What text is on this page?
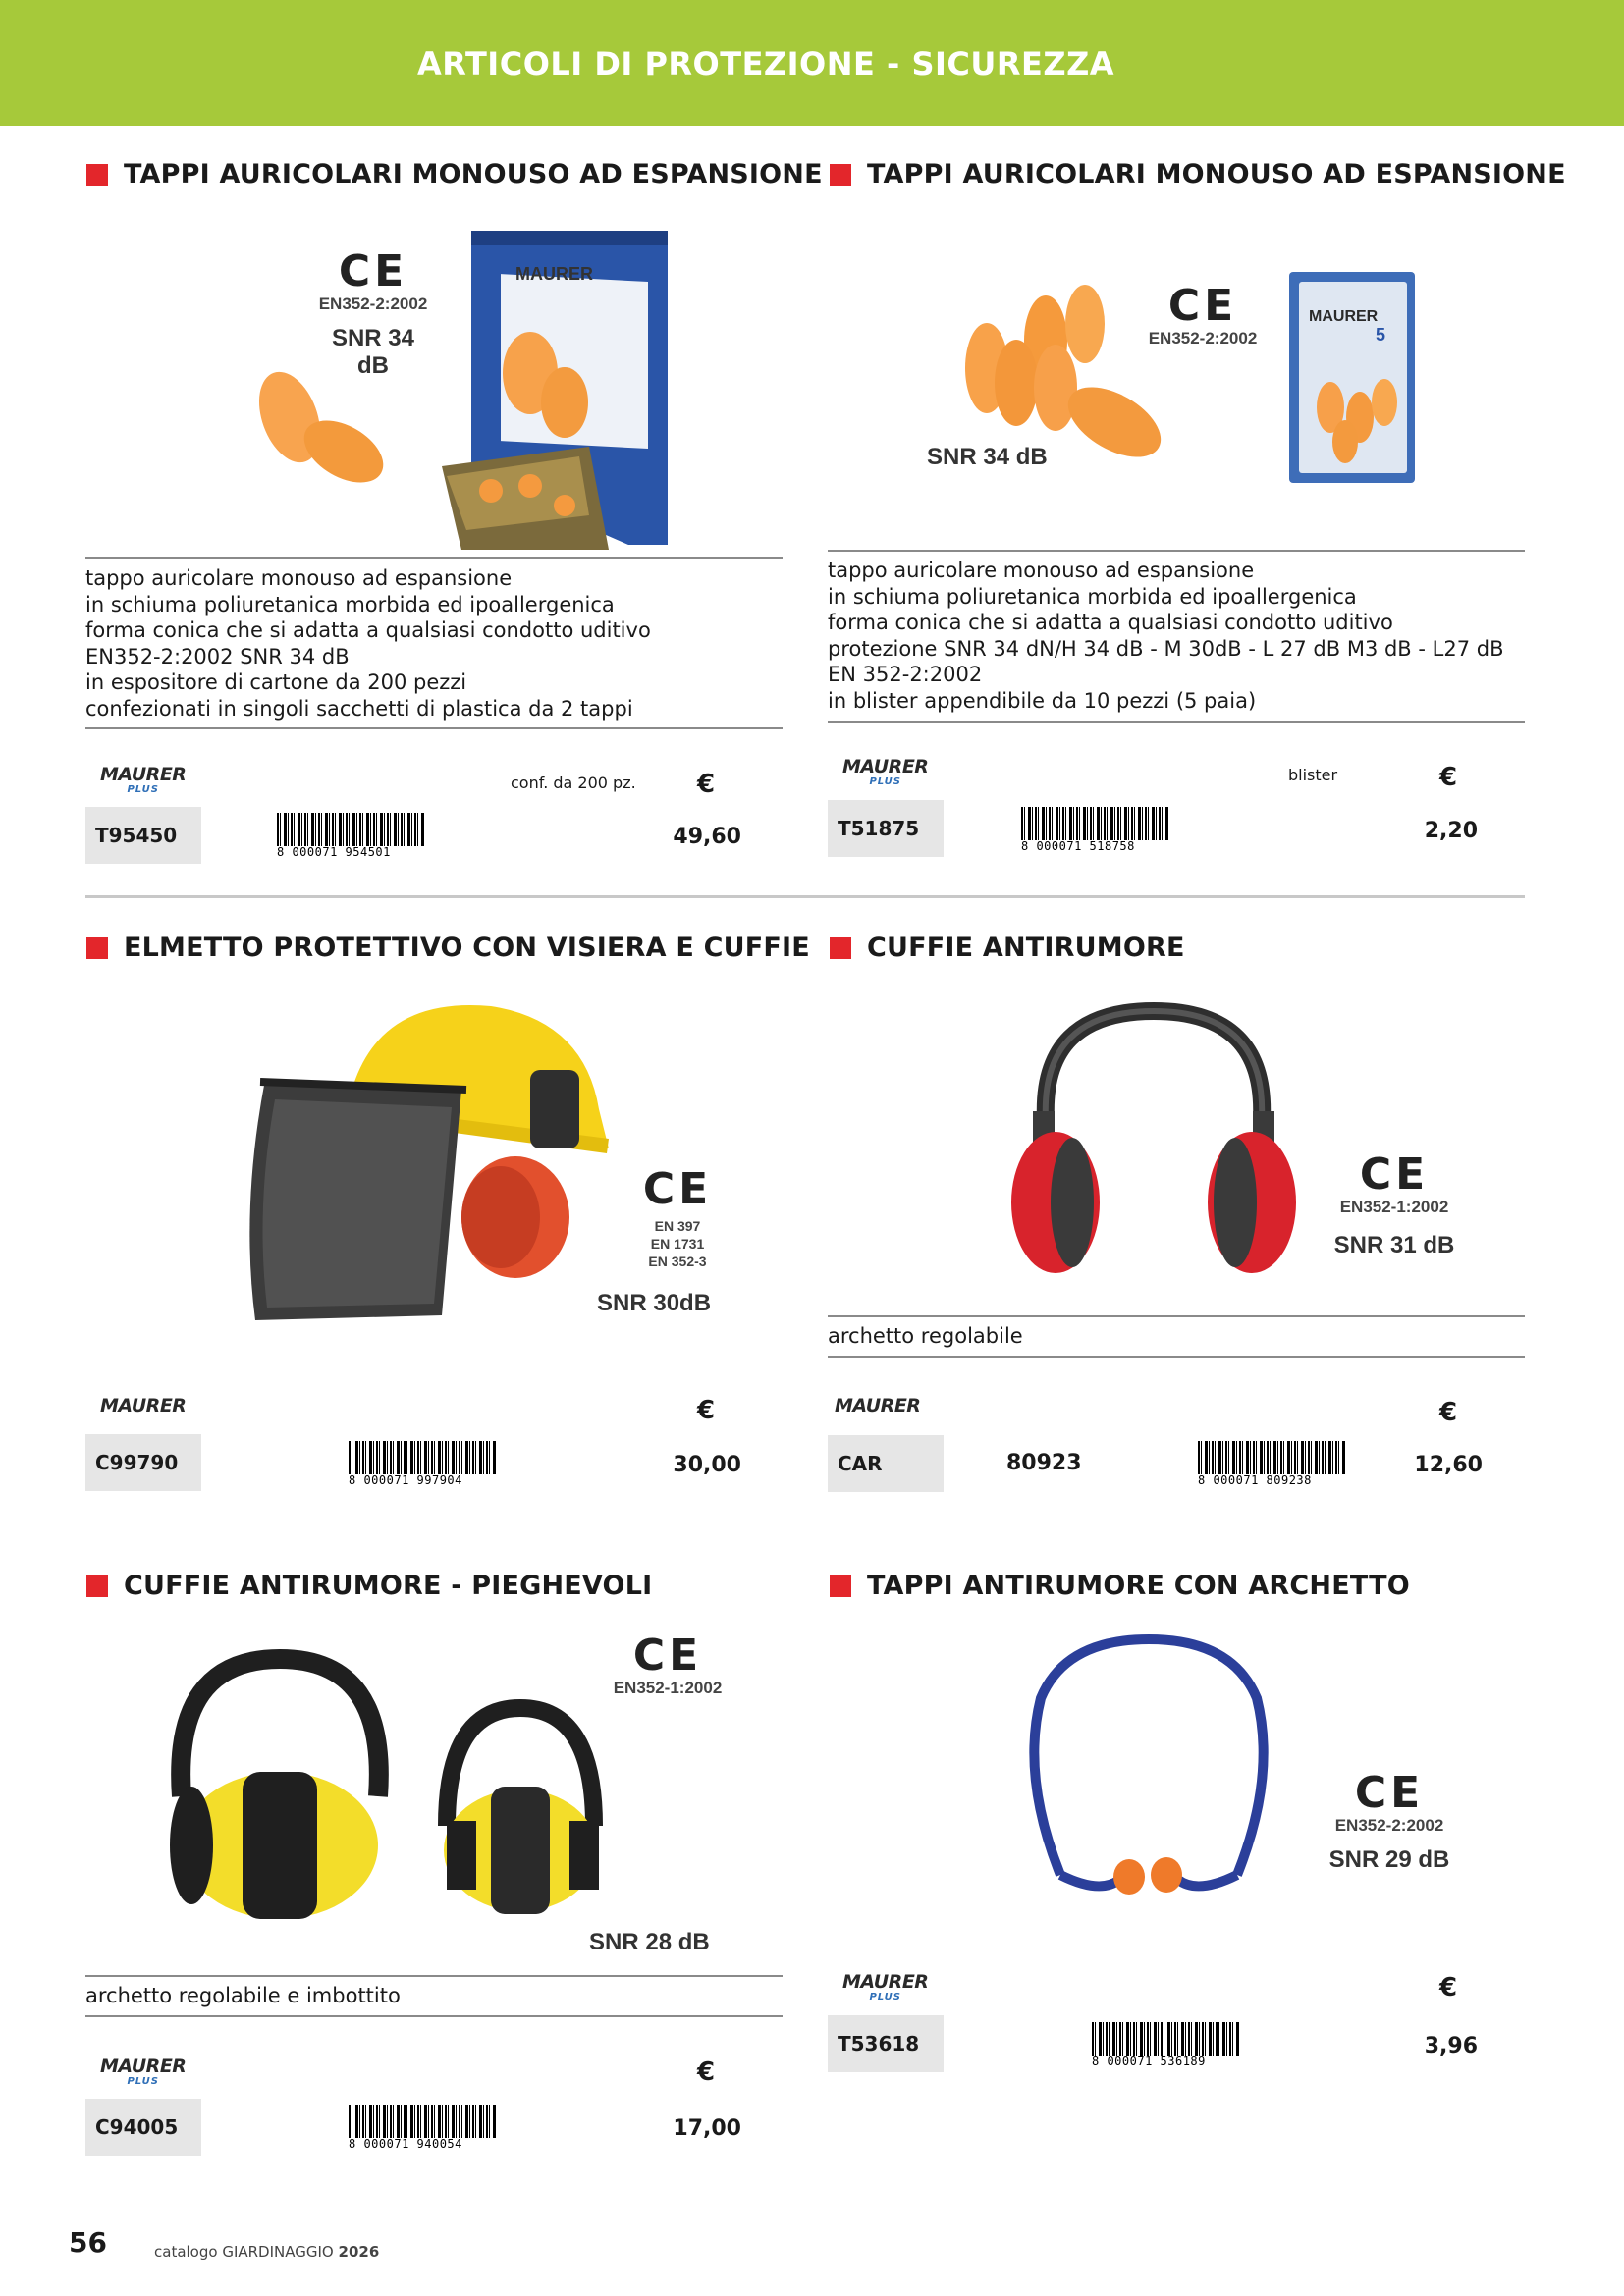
ARTICOLI DI PROTEZIONE - SICUREZZA
TAPPI AURICOLARI MONOUSO AD ESPANSIONE
MAURER
CE
EN352-2:2002
SNR 34 dB
tappo auricolare monouso ad espansione
in schiuma poliuretanica morbida ed ipoallergenica
forma conica che si adatta a qualsiasi condotto uditivo
EN352-2:2002 SNR 34 dB
in espositore di cartone da 200 pezzi
confezionati in singoli sacchetti di plastica da 2 tappi
MAURER
PLUS	conf. da 200 pz. €
T95450
8 000071 954501
49,60
TAPPI AURICOLARI MONOUSO AD ESPANSIONE
MAURER
5
CE
EN352-2:2002
SNR 34 dB
tappo auricolare monouso ad espansione
in schiuma poliuretanica morbida ed ipoallergenica
forma conica che si adatta a qualsiasi condotto uditivo
protezione SNR 34 dN/H 34 dB - M 30dB - L 27 dB M3 dB - L27 dB
EN 352-2:2002
in blister appendibile da 10 pezzi (5 paia)
MAURER
PLUS	blister	€
T51875
8 000071 518758
2,20
ELMETTO PROTETTIVO CON VISIERA E CUFFIE
CE
EN 397
EN 1731
EN 352-3
SNR 30dB
MAURER	€
C99790
8 000071 997904
30,00
CUFFIE ANTIRUMORE
CE
EN352-1:2002
SNR 31 dB
archetto regolabile
MAURER	€
CAR	80923
8 000071 809238
12,60
CUFFIE ANTIRUMORE - PIEGHEVOLI
CE
EN352-1:2002
SNR 28 dB
archetto regolabile e imbottito
MAURER
PLUS	€
C94005
8 000071 940054
17,00
TAPPI ANTIRUMORE CON ARCHETTO
CE
EN352-2:2002
SNR 29 dB
MAURER
PLUS	€
T53618
8 000071 536189
3,96
56	catalogo GIARDINAGGIO 2026
